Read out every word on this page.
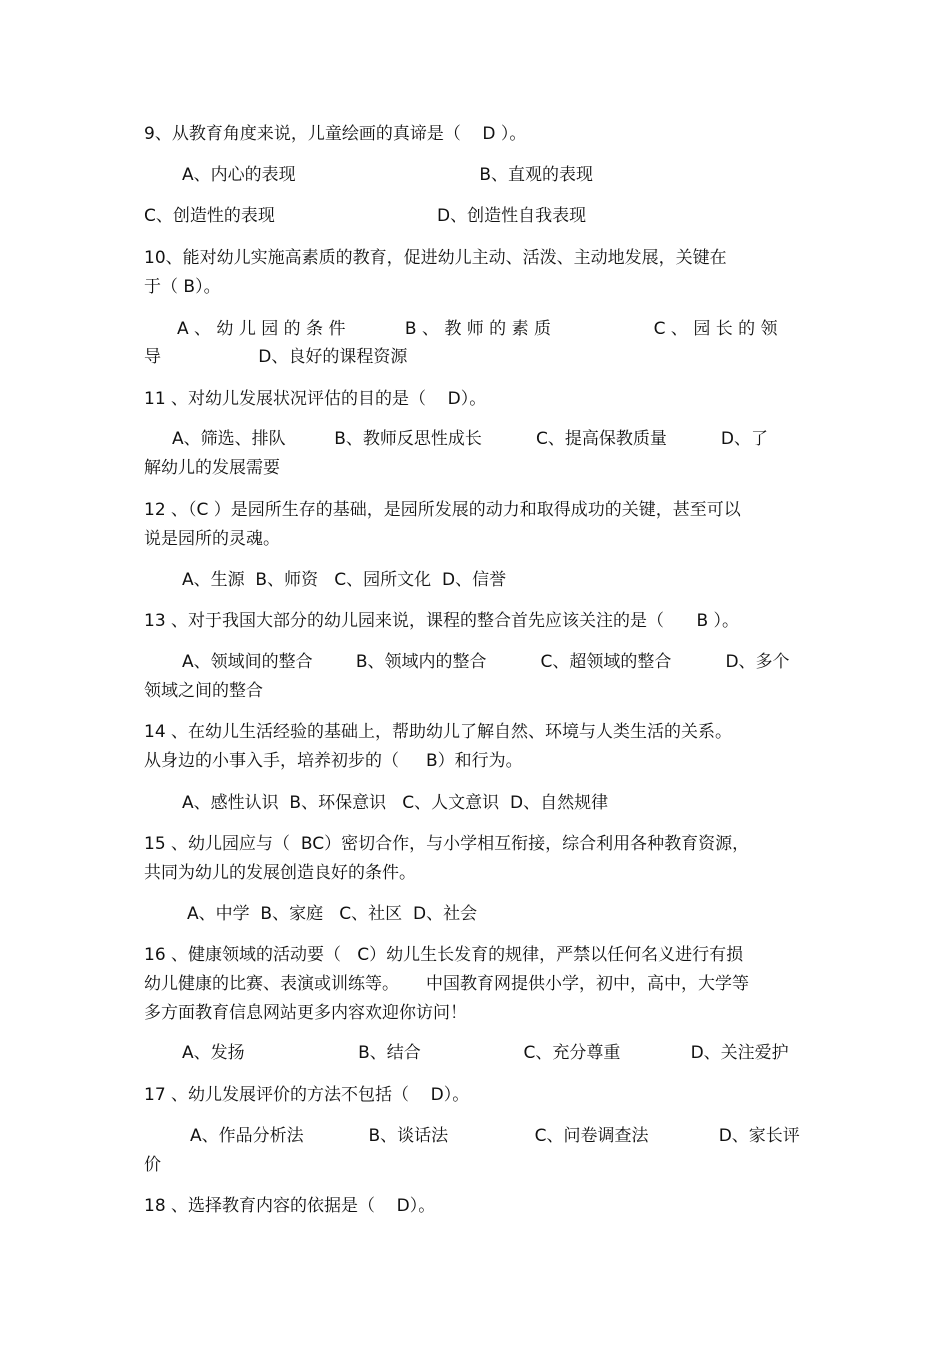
9、从教育角度来说，儿童绘画的真谛是（    D ）。
A、内心的表现                                  B、直观的表现
C、创造性的表现                              D、创造性自我表现
10、能对幼儿实施高素质的教育，促进幼儿主动、活泼、主动地发展，关键在
于（ B）。
A 、 幼 儿 园 的 条 件           B 、 教 师 的 素 质                   C 、 园 长 的 领
导                  D、良好的课程资源
11 、对幼儿发展状况评估的目的是（    D）。
A、筛选、排队         B、教师反思性成长          C、提高保教质量          D、了
解幼儿的发展需要
12 、（C ）是园所生存的基础，是园所发展的动力和取得成功的关键，甚至可以
说是园所的灵魂。
A、生源  B、师资   C、园所文化  D、信誉
13 、对于我国大部分的幼儿园来说，课程的整合首先应该关注的是（      B ）。
A、领域间的整合        B、领域内的整合          C、超领域的整合          D、多个
领域之间的整合
14 、在幼儿生活经验的基础上，帮助幼儿了解自然、环境与人类生活的关系。
从身边的小事入手，培养初步的（     B）和行为。
A、感性认识  B、环保意识   C、人文意识  D、自然规律
15 、幼儿园应与（  BC）密切合作，与小学相互衔接，综合利用各种教育资源，
共同为幼儿的发展创造良好的条件。
A、中学  B、家庭   C、社区  D、社会
16 、健康领域的活动要（   C）幼儿生长发育的规律，严禁以任何名义进行有损
幼儿健康的比赛、表演或训练等。     中国教育网提供小学，初中，高中，大学等
多方面教育信息网站更多内容欢迎你访问！
A、发扬                     B、结合                   C、充分尊重             D、关注爱护
17 、幼儿发展评价的方法不包括（    D）。
A、作品分析法            B、谈话法                C、问卷调查法             D、家长评
价
18 、选择教育内容的依据是（    D）。
